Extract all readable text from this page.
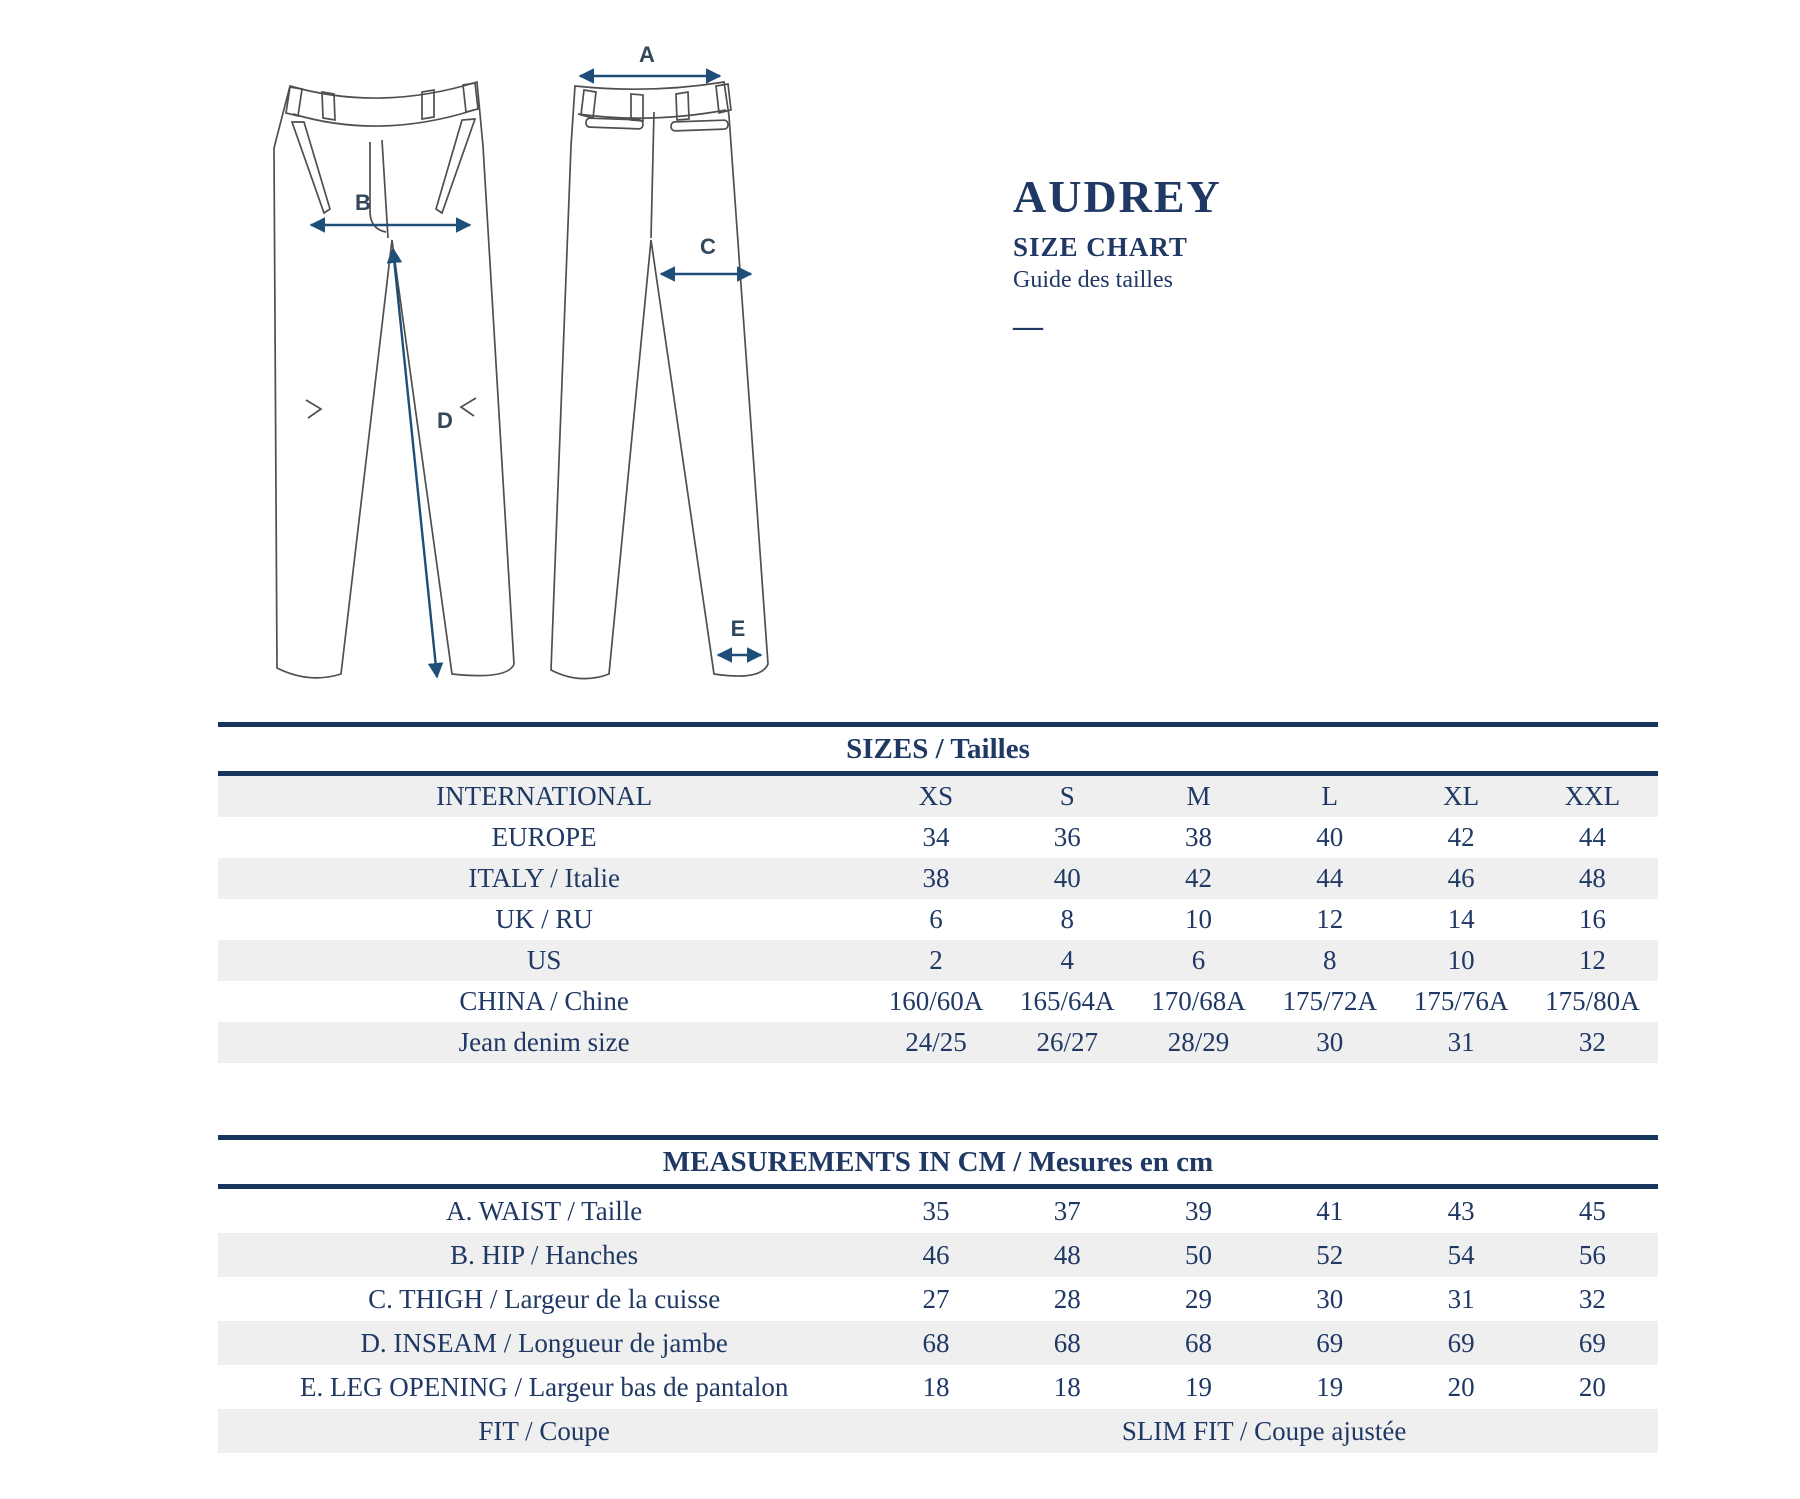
A
B
C
D
E
AUDREY
SIZE CHART
Guide des tailles
—
SIZES / Tailles
INTERNATIONAL	XS	S	M	L	XL	XXL
EUROPE	34	36	38	40	42	44
ITALY / Italie	38	40	42	44	46	48
UK / RU	6	8	10	12	14	16
US	2	4	6	8	10	12
CHINA / Chine	160/60A	165/64A	170/68A	175/72A	175/76A	175/80A
Jean denim size	24/25	26/27	28/29	30	31	32
MEASUREMENTS IN CM / Mesures en cm
A. WAIST / Taille	35	37	39	41	43	45
B. HIP / Hanches	46	48	50	52	54	56
C. THIGH / Largeur de la cuisse	27	28	29	30	31	32
D. INSEAM / Longueur de jambe	68	68	68	69	69	69
E. LEG OPENING / Largeur bas de pantalon	18	18	19	19	20	20
FIT / Coupe	SLIM FIT / Coupe ajustée
